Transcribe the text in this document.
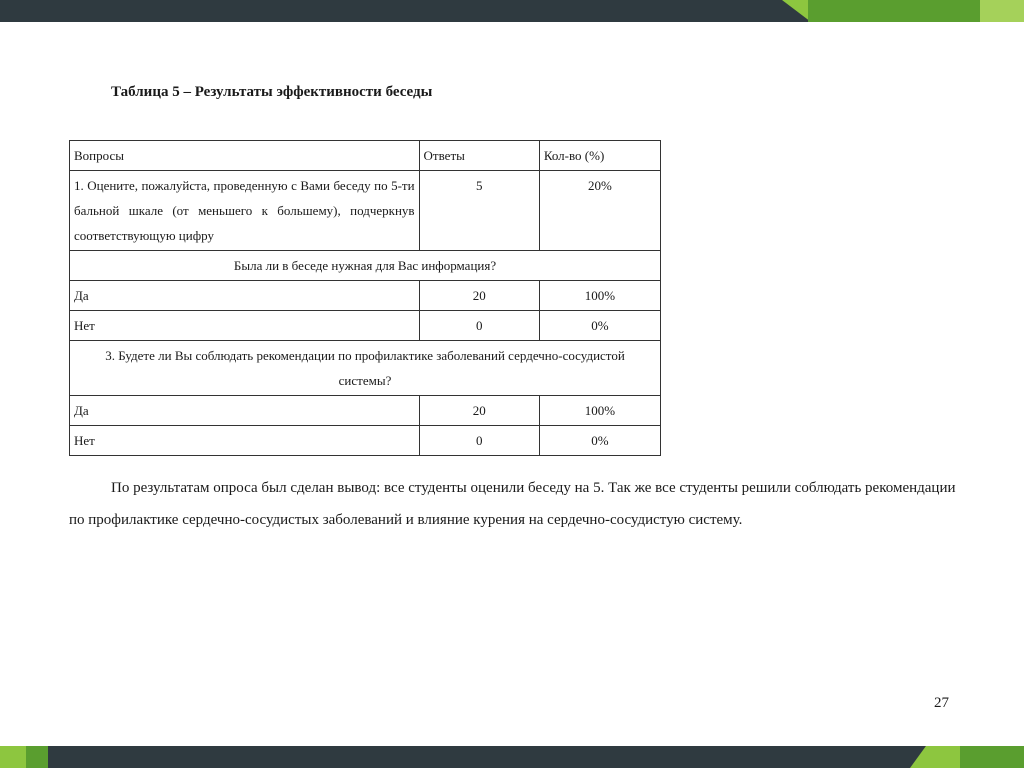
Таблица 5 – Результаты эффективности беседы
Вопросы	Ответы	Кол-во (%)
1. Оцените, пожалуйста, проведенную с Вами беседу по 5-ти бальной шкале (от меньшего к большему), подчеркнув соответствующую цифру	5	20%
Была ли в беседе нужная для Вас информация?		
Да	20	100%
Нет	0	0%
3. Будете ли Вы соблюдать рекомендации по профилактике заболеваний сердечно-сосудистой системы?		
Да	20	100%
Нет	0	0%

По результатам опроса был сделан вывод: все студенты оценили беседу на 5. Так же все студенты решили соблюдать рекомендации по профилактике сердечно-сосудистых заболеваний и влияние курения на сердечно-сосудистую систему.

27
